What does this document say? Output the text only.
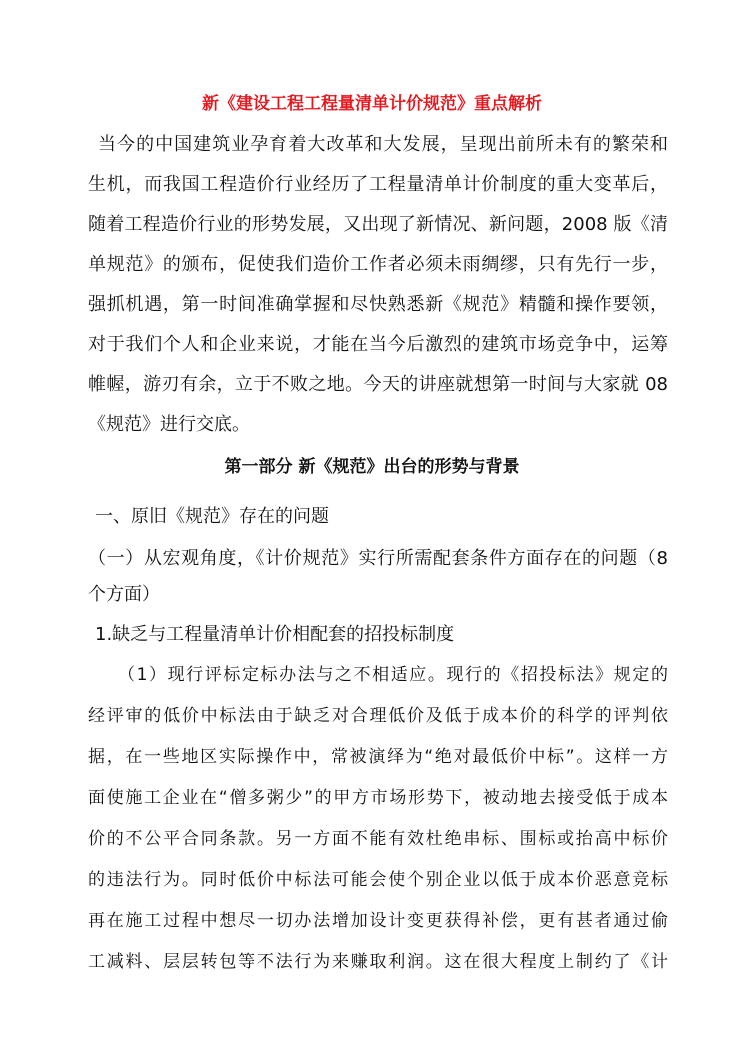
新《建设工程工程量清单计价规范》重点解析
当今的中国建筑业孕育着大改革和大发展，呈现出前所未有的繁荣和
生机，而我国工程造价行业经历了工程量清单计价制度的重大变革后，
随着工程造价行业的形势发展，又出现了新情况、新问题，2008 版《清
单规范》的颁布，促使我们造价工作者必须未雨绸缪，只有先行一步，
强抓机遇，第一时间准确掌握和尽快熟悉新《规范》精髓和操作要领，
对于我们个人和企业来说，才能在当今后激烈的建筑市场竞争中，运筹
帷幄，游刃有余，立于不败之地。今天的讲座就想第一时间与大家就 08
《规范》进行交底。
第一部分 新《规范》出台的形势与背景
一、原旧《规范》存在的问题
（一）从宏观角度，《计价规范》实行所需配套条件方面存在的问题（8
个方面）
1.缺乏与工程量清单计价相配套的招投标制度
（1）现行评标定标办法与之不相适应。现行的《招投标法》规定的
经评审的低价中标法由于缺乏对合理低价及低于成本价的科学的评判依
据，在一些地区实际操作中，常被演绎为“绝对最低价中标”。这样一方
面使施工企业在“僧多粥少”的甲方市场形势下，被动地去接受低于成本
价的不公平合同条款。另一方面不能有效杜绝串标、围标或抬高中标价
的违法行为。同时低价中标法可能会使个别企业以低于成本价恶意竞标
再在施工过程中想尽一切办法增加设计变更获得补偿，更有甚者通过偷
工减料、层层转包等不法行为来赚取利润。这在很大程度上制约了《计
